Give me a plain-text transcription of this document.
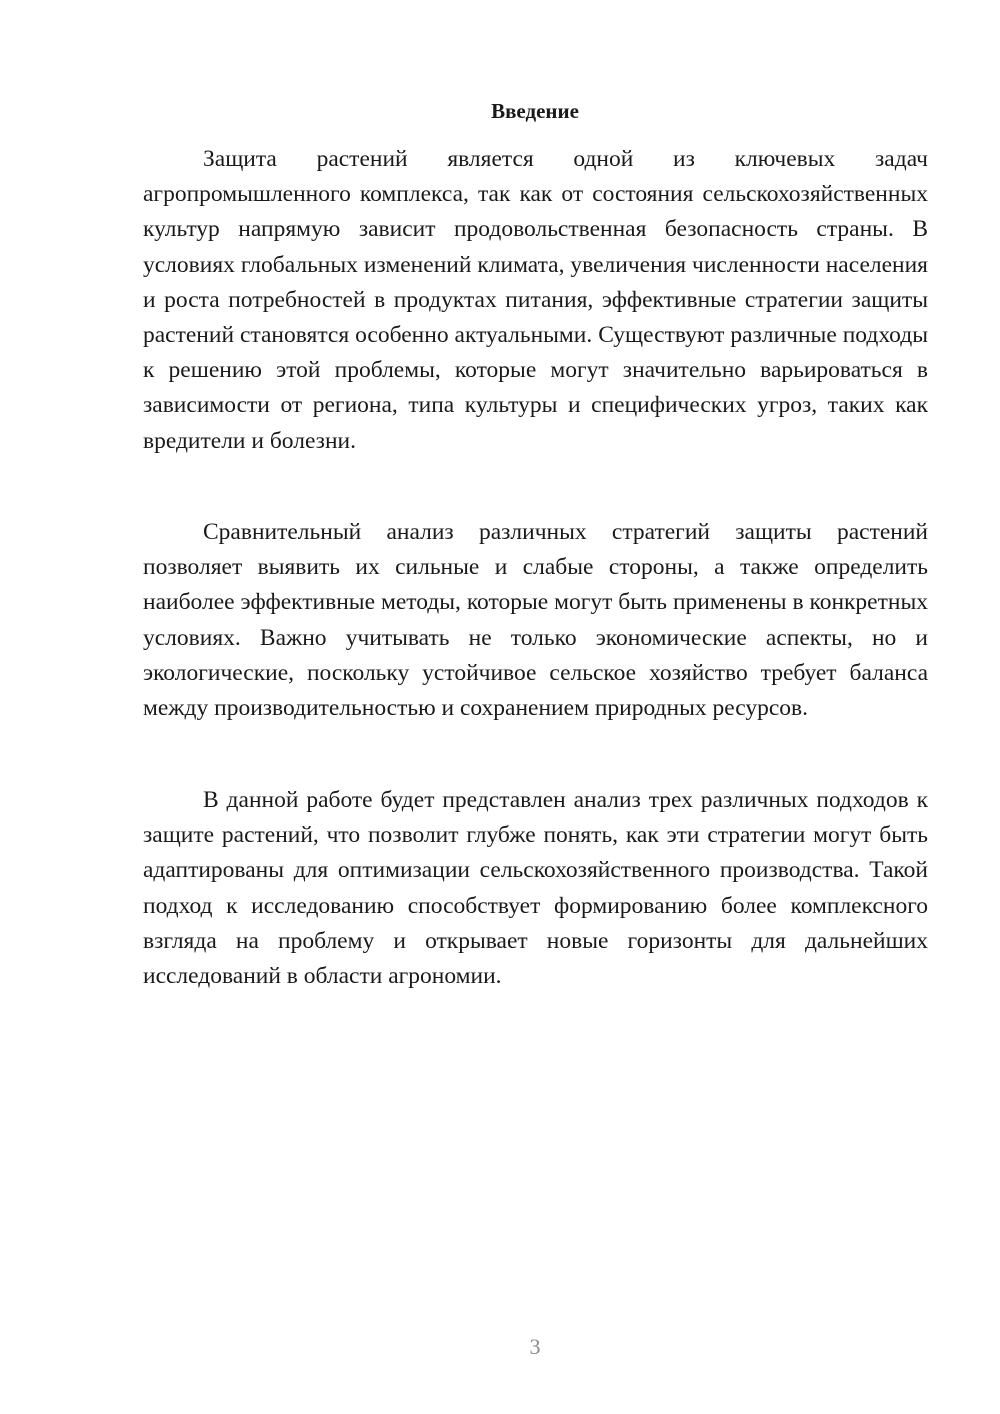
Введение

Защита растений является одной из ключевых задач агропромышленного комплекса, так как от состояния сельскохозяйственных культур напрямую зависит продовольственная безопасность страны. В условиях глобальных изменений климата, увеличения численности населения и роста потребностей в продуктах питания, эффективные стратегии защиты растений становятся особенно актуальными. Существуют различные подходы к решению этой проблемы, которые могут значительно варьироваться в зависимости от региона, типа культуры и специфических угроз, таких как вредители и болезни.

Сравнительный анализ различных стратегий защиты растений позволяет выявить их сильные и слабые стороны, а также определить наиболее эффективные методы, которые могут быть применены в конкретных условиях. Важно учитывать не только экономические аспекты, но и экологические, поскольку устойчивое сельское хозяйство требует баланса между производительностью и сохранением природных ресурсов.

В данной работе будет представлен анализ трех различных подходов к защите растений, что позволит глубже понять, как эти стратегии могут быть адаптированы для оптимизации сельскохозяйственного производства. Такой подход к исследованию способствует формированию более комплексного взгляда на проблему и открывает новые горизонты для дальнейших исследований в области агрономии.

3
